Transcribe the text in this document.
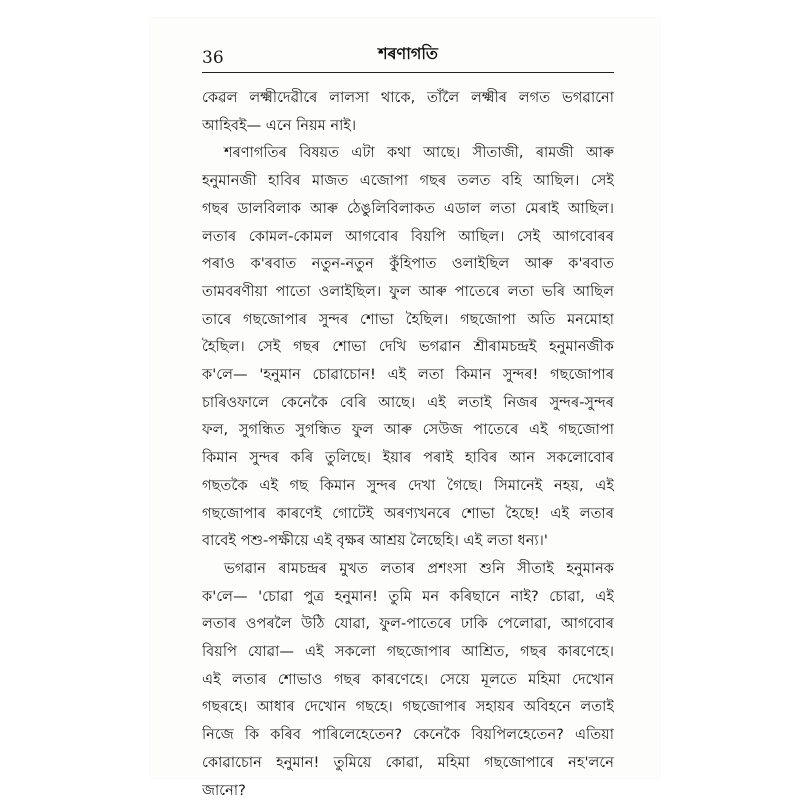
36	শৰণাগতি

কেৱল লক্ষ্মীদেৱীৰে লালসা থাকে, তাঁলৈ লক্ষ্মীৰ লগত ভগৱানো

আহিবই— এনে নিয়ম নাই।

শৰণাগতিৰ বিষয়ত এটা কথা আছে। সীতাজী, ৰামজী আৰু

হনুমানজী হাবিৰ মাজত এজোপা গছৰ তলত বহি আছিল। সেই

গছৰ ডালবিলাক আৰু ঠেঙুলিবিলাকত এডাল লতা মেৰাই আছিল।

লতাৰ কোমল-কোমল আগবোৰ বিয়পি আছিল। সেই আগবোৰৰ

পৰাও ক'ৰবাত নতুন-নতুন কুঁহিপাত ওলাইছিল আৰু ক'ৰবাত

তামবৰণীয়া পাতো ওলাইছিল। ফুল আৰু পাতেৰে লতা ভৰি আছিল

তাৰে গছজোপাৰ সুন্দৰ শোভা হৈছিল। গছজোপা অতি মনমোহা

হৈছিল। সেই গছৰ শোভা দেখি ভগৱান শ্ৰীৰামচন্দ্ৰই হনুমানজীক

ক'লে— 'হনুমান চোৱাচোন! এই লতা কিমান সুন্দৰ! গছজোপাৰ

চাৰিওফালে কেনেকৈ বেৰি আছে। এই লতাই নিজৰ সুন্দৰ-সুন্দৰ

ফল, সুগন্ধিত সুগন্ধিত ফুল আৰু সেউজ পাতেৰে এই গছজোপা

কিমান সুন্দৰ কৰি তুলিছে। ইয়াৰ পৰাই হাবিৰ আন সকলোবোৰ

গছতকৈ এই গছ কিমান সুন্দৰ দেখা গৈছে। সিমানেই নহয়, এই

গছজোপাৰ কাৰণেই গোটেই অৰণ্যখনৰে শোভা হৈছে! এই লতাৰ

বাবেই পশু-পক্ষীয়ে এই বৃক্ষৰ আশ্ৰয় লৈছেহি। এই লতা ধন্য।'

ভগৱান ৰামচন্দ্ৰৰ মুখত লতাৰ প্ৰশংসা শুনি সীতাই হনুমানক

ক'লে— 'চোৱা পুত্ৰ হনুমান! তুমি মন কৰিছানে নাই? চোৱা, এই

লতাৰ ওপৰলৈ উঠি যোৱা, ফুল-পাতেৰে ঢাকি পেলোৱা, আগবোৰ

বিয়পি যোৱা— এই সকলো গছজোপাৰ আশ্ৰিত, গছৰ কাৰণেহে।

এই লতাৰ শোভাও গছৰ কাৰণেহে। সেয়ে মূলতে মহিমা দেখোন

গছৰহে। আধাৰ দেখোন গছহে। গছজোপাৰ সহায়ৰ অবিহনে লতাই

নিজে কি কৰিব পাৰিলেহেতেন? কেনেকৈ বিয়পিলহেতেন? এতিয়া

কোৱাচোন হনুমান! তুমিয়ে কোৱা, মহিমা গছজোপাৰে নহ'লনে

জানো?
